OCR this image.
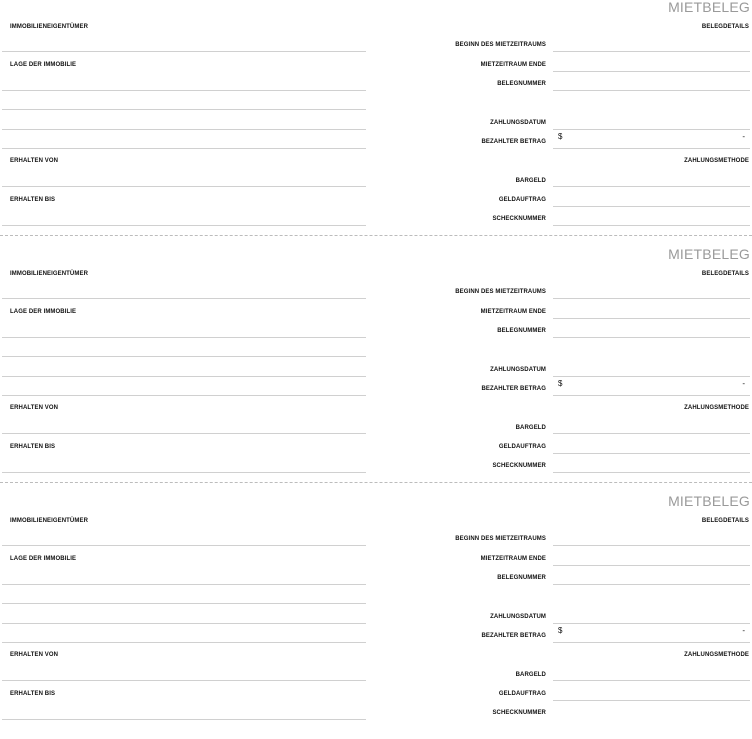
MIETBELEG
IMMOBILIENEIGENTÜMER	BELEGDETAILS
BEGINN DES MIETZEITRAUMS
LAGE DER IMMOBILIE	MIETZEITRAUM ENDE
BELEGNUMMER
ZAHLUNGSDATUM
$	-
BEZAHLTER BETRAG
ERHALTEN VON	ZAHLUNGSMETHODE
BARGELD
ERHALTEN BIS	GELDAUFTRAG
SCHECKNUMMER
MIETBELEG
IMMOBILIENEIGENTÜMER	BELEGDETAILS
BEGINN DES MIETZEITRAUMS
LAGE DER IMMOBILIE	MIETZEITRAUM ENDE
BELEGNUMMER
ZAHLUNGSDATUM
$	-
BEZAHLTER BETRAG
ERHALTEN VON	ZAHLUNGSMETHODE
BARGELD
ERHALTEN BIS	GELDAUFTRAG
SCHECKNUMMER
MIETBELEG
IMMOBILIENEIGENTÜMER	BELEGDETAILS
BEGINN DES MIETZEITRAUMS
LAGE DER IMMOBILIE	MIETZEITRAUM ENDE
BELEGNUMMER
ZAHLUNGSDATUM
$	-
BEZAHLTER BETRAG
ERHALTEN VON	ZAHLUNGSMETHODE
BARGELD
ERHALTEN BIS	GELDAUFTRAG
SCHECKNUMMER
